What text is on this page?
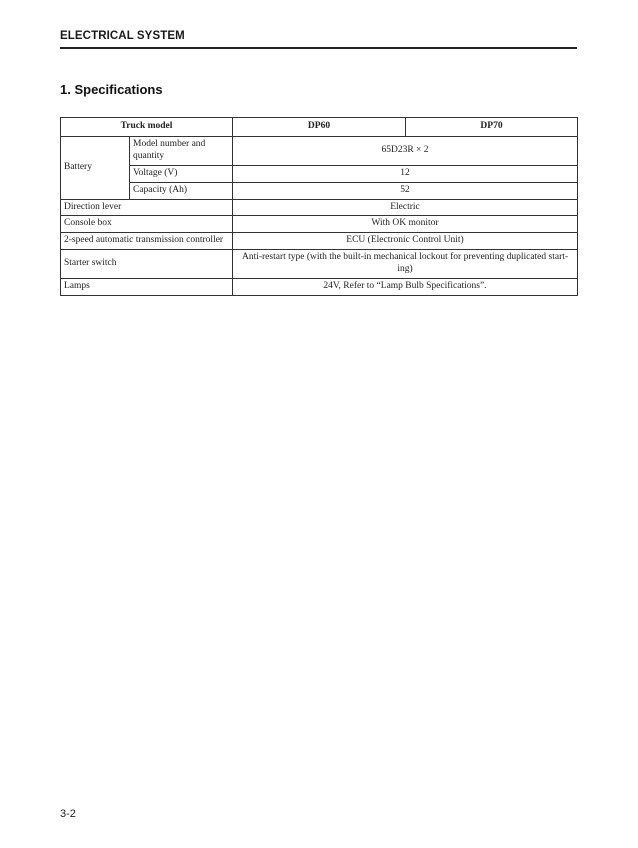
ELECTRICAL SYSTEM
1. Specifications
Truck model		DP60	DP70
Battery	Model number and quantity	65D23R × 2	
	Voltage (V)	12	
	Capacity (Ah)	52	
Direction lever		Electric	
Console box		With OK monitor	
2-speed automatic transmission controller		ECU (Electronic Control Unit)	
Starter switch		Anti-restart type (with the built-in mechanical lockout for preventing duplicated start-ing)	
Lamps		24V, Refer to “Lamp Bulb Specifications”.	
3-2
